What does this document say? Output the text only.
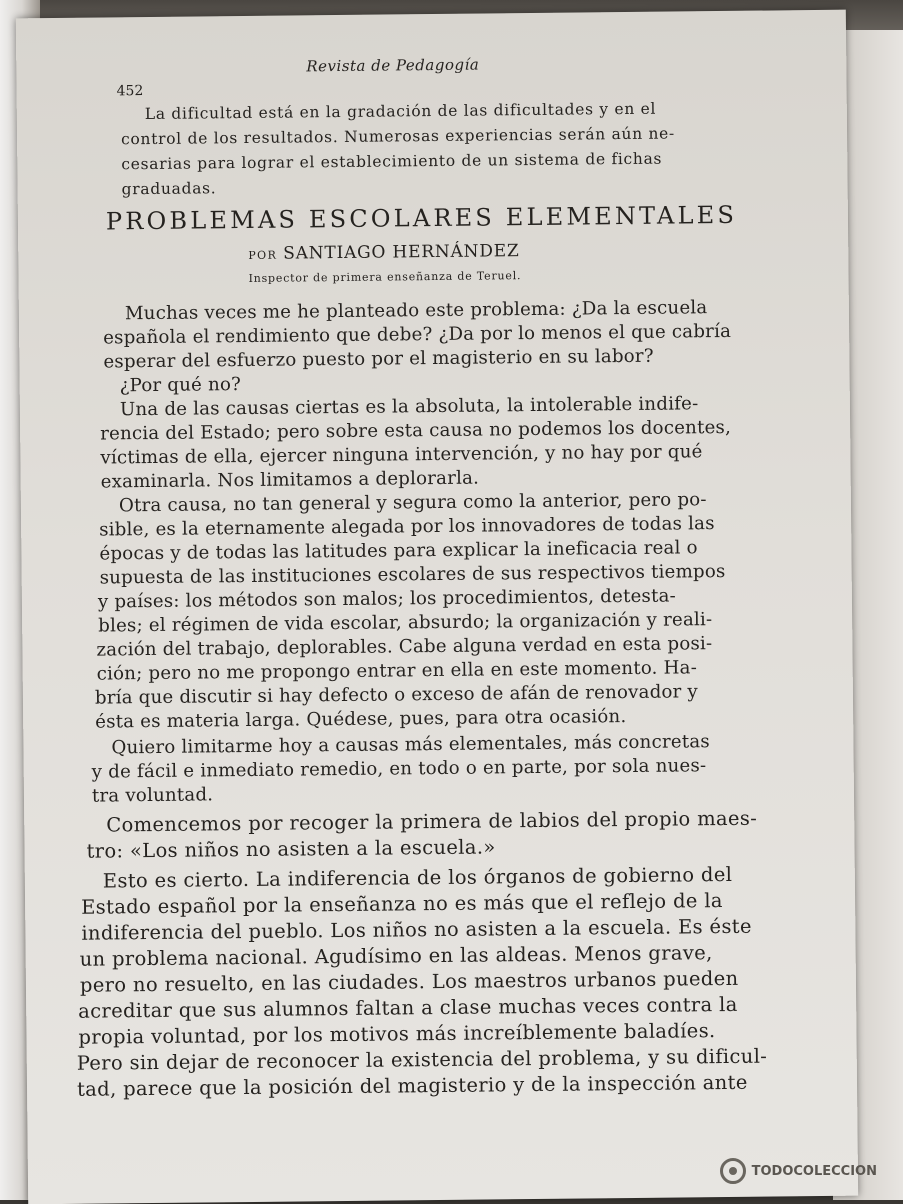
Revista de Pedagogía
452
La dificultad está en la gradación de las dificultades y en el
control de los resultados. Numerosas experiencias serán aún ne-
cesarias para lograr el establecimiento de un sistema de fichas
graduadas.
PROBLEMAS ESCOLARES ELEMENTALES
POR SANTIAGO HERNÁNDEZ
Inspector de primera enseñanza de Teruel.
Muchas veces me he planteado este problema: ¿Da la escuela
española el rendimiento que debe? ¿Da por lo menos el que cabría
esperar del esfuerzo puesto por el magisterio en su labor?
¿Por qué no?
Una de las causas ciertas es la absoluta, la intolerable indife-
rencia del Estado; pero sobre esta causa no podemos los docentes,
víctimas de ella, ejercer ninguna intervención, y no hay por qué
examinarla. Nos limitamos a deplorarla.
Otra causa, no tan general y segura como la anterior, pero po-
sible, es la eternamente alegada por los innovadores de todas las
épocas y de todas las latitudes para explicar la ineficacia real o
supuesta de las instituciones escolares de sus respectivos tiempos
y países: los métodos son malos; los procedimientos, detesta-
bles; el régimen de vida escolar, absurdo; la organización y reali-
zación del trabajo, deplorables. Cabe alguna verdad en esta posi-
ción; pero no me propongo entrar en ella en este momento. Ha-
bría que discutir si hay defecto o exceso de afán de renovador y
ésta es materia larga. Quédese, pues, para otra ocasión.
Quiero limitarme hoy a causas más elementales, más concretas
y de fácil e inmediato remedio, en todo o en parte, por sola nues-
tra voluntad.
Comencemos por recoger la primera de labios del propio maes-
tro: «Los niños no asisten a la escuela.»
Esto es cierto. La indiferencia de los órganos de gobierno del
Estado español por la enseñanza no es más que el reflejo de la
indiferencia del pueblo. Los niños no asisten a la escuela. Es éste
un problema nacional. Agudísimo en las aldeas. Menos grave,
pero no resuelto, en las ciudades. Los maestros urbanos pueden
acreditar que sus alumnos faltan a clase muchas veces contra la
propia voluntad, por los motivos más increíblemente baladíes.
Pero sin dejar de reconocer la existencia del problema, y su dificul-
tad, parece que la posición del magisterio y de la inspección ante
TODOCOLECCION
